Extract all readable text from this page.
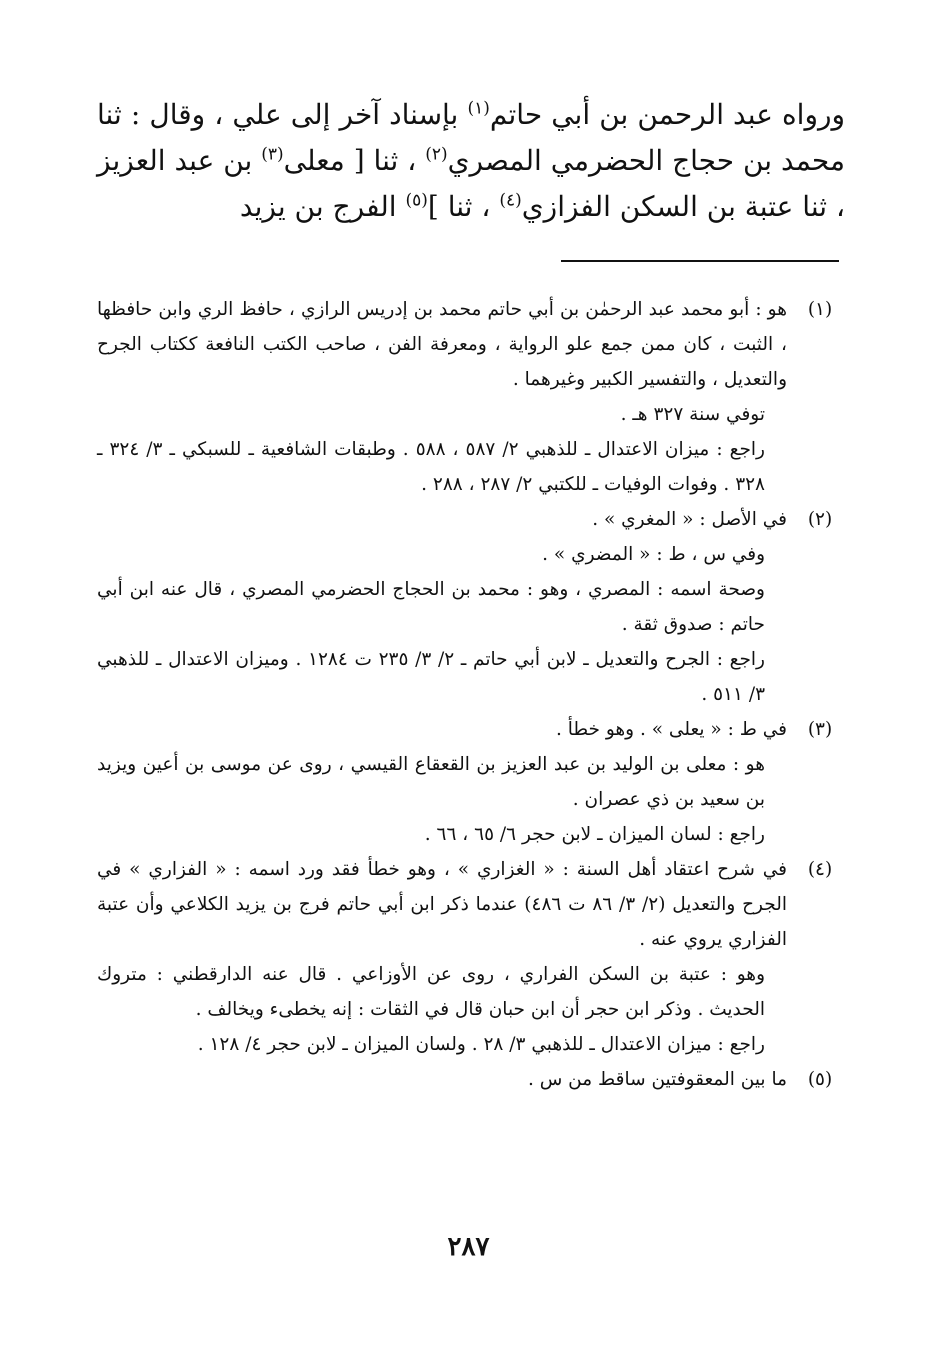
ورواه عبد الرحمن بن أبي حاتم$^{(١)}$ بإسناد آخر إلى علي ، وقال : ثنا محمد بن حجاج الحضرمي المصري$^{(٢)}$ ، ثنا [ معلى$^{(٣)}$ بن عبد العزيز ، ثنا عتبة بن السكن الفزازي$^{(٤)}$ ، ثنا ]$^{(٥)}$ الفرج بن يزيد

(١)

هو : أبو محمد عبد الرحمٰن بن أبي حاتم محمد بن إدريس الرازي ، حافظ الري وابن حافظها ، الثبت ، كان ممن جمع علو الرواية ، ومعرفة الفن ، صاحب الكتب النافعة ككتاب الجرح والتعديل ، والتفسير الكبير وغيرهما .

توفي سنة ٣٢٧ هـ .

راجع : ميزان الاعتدال ـ للذهبي ٢/ ٥٨٧ ، ٥٨٨ . وطبقات الشافعية ـ للسبكي ـ ٣/ ٣٢٤ ـ ٣٢٨ . وفوات الوفيات ـ للكتبي ٢/ ٢٨٧ ، ٢٨٨ .

(٢)

في الأصل : « المغري » .

وفي س ، ط : « المضري » .

وصحة اسمه : المصري ، وهو : محمد بن الحجاج الحضرمي المصري ، قال عنه ابن أبي حاتم : صدوق ثقة .

راجع : الجرح والتعديل ـ لابن أبي حاتم ـ ٢/ ٣/ ٢٣٥ ت ١٢٨٤ . وميزان الاعتدال ـ للذهبي ٣/ ٥١١ .

(٣)

في ط : « يعلى » . وهو خطأ .

هو : معلى بن الوليد بن عبد العزيز بن القعقاع القيسي ، روى عن موسى بن أعين ويزيد بن سعيد بن ذي عصران .

راجع : لسان الميزان ـ لابن حجر ٦/ ٦٥ ، ٦٦ .

(٤)

في شرح اعتقاد أهل السنة : « الغزاري » ، وهو خطأ فقد ورد اسمه : « الفزاري » في الجرح والتعديل (٢/ ٣/ ٨٦ ت ٤٨٦) عندما ذكر ابن أبي حاتم فرج بن يزيد الكلاعي وأن عتبة الفزاري يروي عنه .

وهو : عتبة بن السكن الفراري ، روى عن الأوزاعي . قال عنه الدارقطني : متروك الحديث . وذكر ابن حجر أن ابن حبان قال في الثقات : إنه يخطىء ويخالف .

راجع : ميزان الاعتدال ـ للذهبي ٣/ ٢٨ . ولسان الميزان ـ لابن حجر ٤/ ١٢٨ .

(٥)

ما بين المعقوفتين ساقط من س .

٢٨٧
